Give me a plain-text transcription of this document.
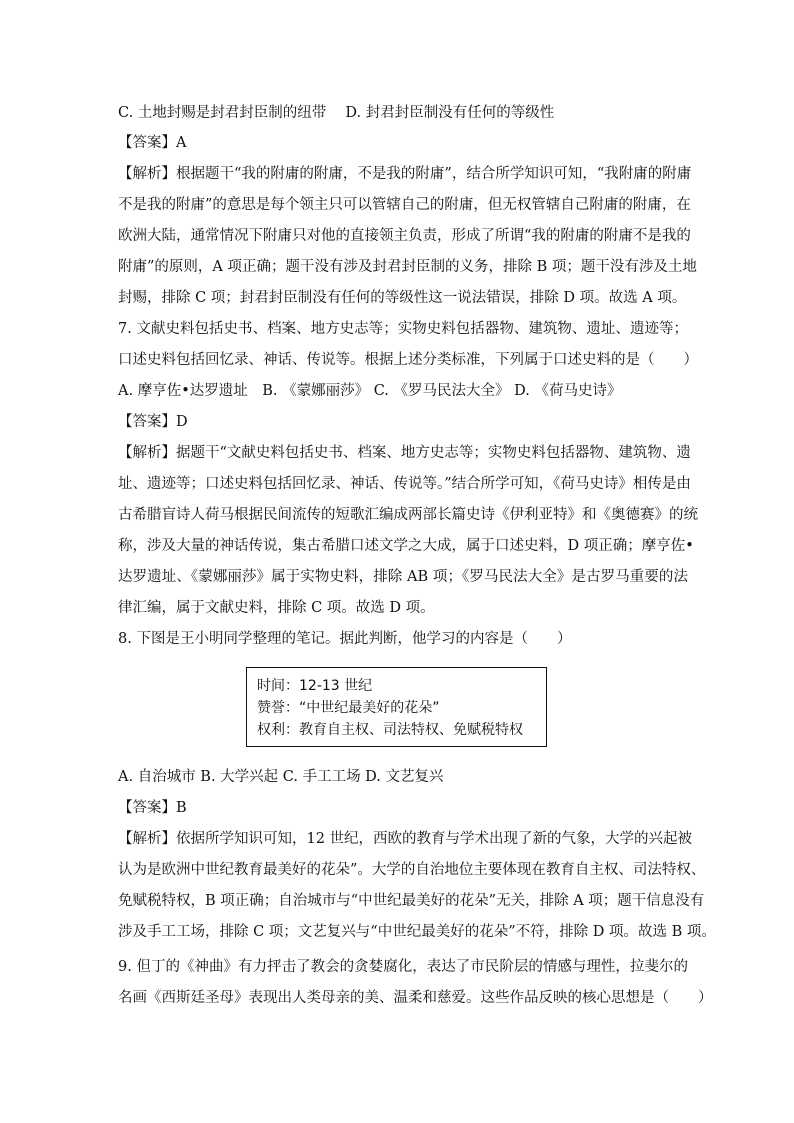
C. 土地封赐是封君封臣制的纽带　 D. 封君封臣制没有任何的等级性
【答案】A
【解析】根据题干“我的附庸的附庸，不是我的附庸”，结合所学知识可知，“我附庸的附庸
不是我的附庸”的意思是每个领主只可以管辖自己的附庸，但无权管辖自己附庸的附庸，在
欧洲大陆，通常情况下附庸只对他的直接领主负责，形成了所谓“我的附庸的附庸不是我的
附庸”的原则，A 项正确；题干没有涉及封君封臣制的义务，排除 B 项；题干没有涉及土地
封赐，排除 C 项；封君封臣制没有任何的等级性这一说法错误，排除 D 项。故选 A 项。
7. 文献史料包括史书、档案、地方史志等；实物史料包括器物、建筑物、遗址、遗迹等；
口述史料包括回忆录、神话、传说等。根据上述分类标准，下列属于口述史料的是（　　）
A. 摩亨佐•达罗遗址　B. 《蒙娜丽莎》 C. 《罗马民法大全》 D. 《荷马史诗》
【答案】D
【解析】据题干“文献史料包括史书、档案、地方史志等；实物史料包括器物、建筑物、遗
址、遗迹等；口述史料包括回忆录、神话、传说等。”结合所学可知，《荷马史诗》相传是由
古希腊盲诗人荷马根据民间流传的短歌汇编成两部长篇史诗《伊利亚特》和《奥德赛》的统
称，涉及大量的神话传说，集古希腊口述文学之大成，属于口述史料，D 项正确；摩亨佐•
达罗遗址、《蒙娜丽莎》属于实物史料，排除 AB 项；《罗马民法大全》是古罗马重要的法
律汇编，属于文献史料，排除 C 项。故选 D 项。
8. 下图是王小明同学整理的笔记。据此判断，他学习的内容是（　　）
时间：12-13 世纪
赞誉：“中世纪最美好的花朵”
权利：教育自主权、司法特权、免赋税特权
A. 自治城市 B. 大学兴起 C. 手工工场 D. 文艺复兴
【答案】B
【解析】依据所学知识可知，12 世纪，西欧的教育与学术出现了新的气象，大学的兴起被
认为是欧洲中世纪教育最美好的花朵”。大学的自治地位主要体现在教育自主权、司法特权、
免赋税特权，B 项正确；自治城市与“中世纪最美好的花朵”无关，排除 A 项；题干信息没有
涉及手工工场，排除 C 项；文艺复兴与“中世纪最美好的花朵”不符，排除 D 项。故选 B 项。
9. 但丁的《神曲》有力抨击了教会的贪婪腐化，表达了市民阶层的情感与理性，拉斐尔的
名画《西斯廷圣母》表现出人类母亲的美、温柔和慈爱。这些作品反映的核心思想是（　　）
